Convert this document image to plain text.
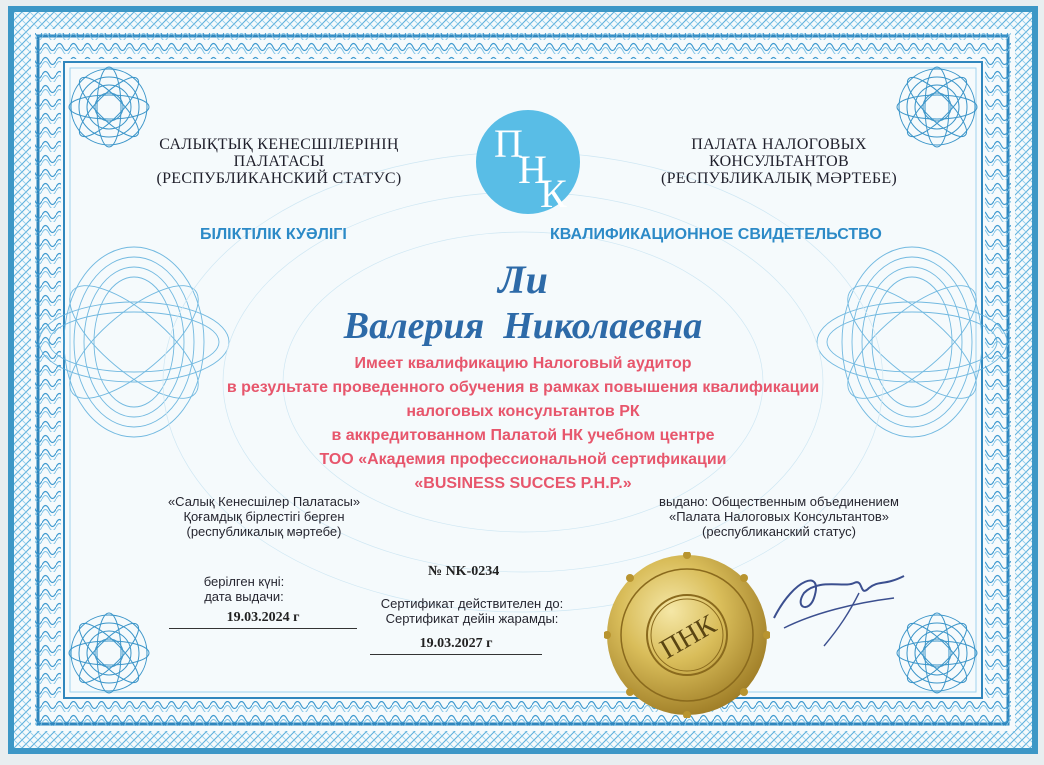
САЛЫҚТЫҚ КЕНЕСШІЛЕРІНІҢ
ПАЛАТАСЫ
(РЕСПУБЛИКАНСКИЙ СТАТУС)
П
Н
К
ПАЛАТА НАЛОГОВЫХ
КОНСУЛЬТАНТОВ
(РЕСПУБЛИКАЛЫҚ МӘРТЕБЕ)
БІЛІКТІЛІК КУӘЛІГІ	КВАЛИФИКАЦИОННОЕ СВИДЕТЕЛЬСТВО
Ли
Валерия  Николаевна
Имеет квалификацию Налоговый аудитор
в результате проведенного обучения в рамках повышения квалификации
налоговых консультантов РК
в аккредитованном Палатой НК учебном центре
ТОО «Академия профессиональной сертификации
«BUSINESS SUCCES P.H.P.»
«Салық Кенесшілер Палатасы»
Қоғамдық бірлестігі берген
(республикалық мәртебе)
выдано: Общественным объединением
«Палата Налоговых Консультантов»
(республиканский статус)
берілген күні:
дата выдачи:
19.03.2024 г
№ NK-0234
Сертификат действителен до:
Сертификат дейін жарамды:
19.03.2027 г	ПНК
